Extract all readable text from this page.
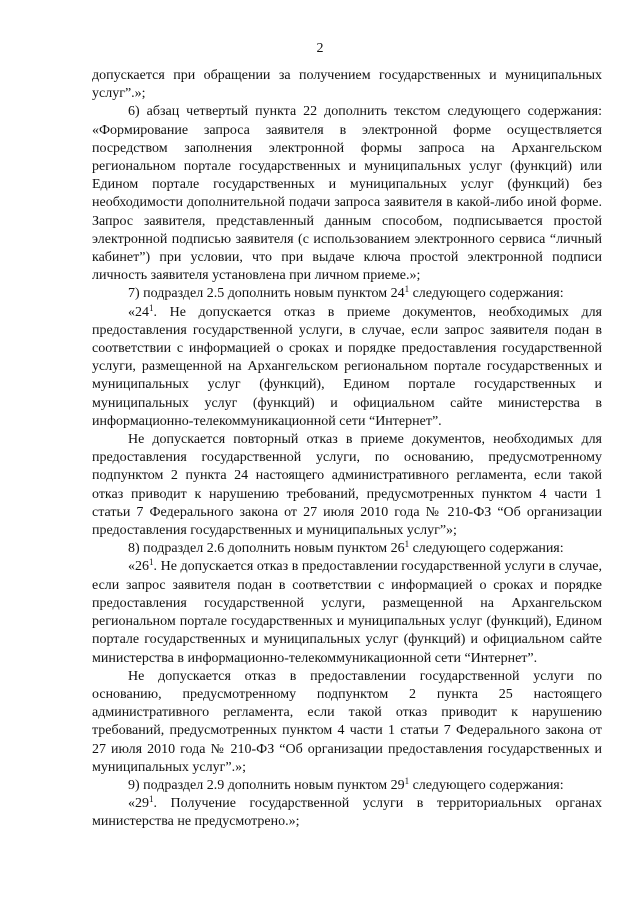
2

допускается при обращении за получением государственных и муниципальных услуг”.»;

6) абзац четвертый пункта 22 дополнить текстом следующего содержания: «Формирование запроса заявителя в электронной форме осуществляется посредством заполнения электронной формы запроса на Архангельском региональном портале государственных и муниципальных услуг (функций) или Едином портале государственных и муниципальных услуг (функций) без необходимости дополнительной подачи запроса заявителя в какой-либо иной форме. Запрос заявителя, представленный данным способом, подписывается простой электронной подписью заявителя (с использованием электронного сервиса “личный кабинет”) при условии, что при выдаче ключа простой электронной подписи личность заявителя установлена при личном приеме.»;

7) подраздел 2.5 дополнить новым пунктом $24^1$ следующего содержания:

«$24^1$. Не допускается отказ в приеме документов, необходимых для предоставления государственной услуги, в случае, если запрос заявителя подан в соответствии с информацией о сроках и порядке предоставления государственной услуги, размещенной на Архангельском региональном портале государственных и муниципальных услуг (функций), Едином портале государственных и муниципальных услуг (функций) и официальном сайте министерства в информационно-телекоммуникационной сети “Интернет”.

Не допускается повторный отказ в приеме документов, необходимых для предоставления государственной услуги, по основанию, предусмотренному подпунктом 2 пункта 24 настоящего административного регламента, если такой отказ приводит к нарушению требований, предусмотренных пунктом 4 части 1 статьи 7 Федерального закона от 27 июля 2010 года № 210-ФЗ “Об организации предоставления государственных и муниципальных услуг”»;

8) подраздел 2.6 дополнить новым пунктом $26^1$ следующего содержания:

«$26^1$. Не допускается отказ в предоставлении государственной услуги в случае, если запрос заявителя подан в соответствии с информацией о сроках и порядке предоставления государственной услуги, размещенной на Архангельском региональном портале государственных и муниципальных услуг (функций), Едином портале государственных и муниципальных услуг (функций) и официальном сайте министерства в информационно-телекоммуникационной сети “Интернет”.

Не допускается отказ в предоставлении государственной услуги по основанию, предусмотренному подпунктом 2 пункта 25 настоящего административного регламента, если такой отказ приводит к нарушению требований, предусмотренных пунктом 4 части 1 статьи 7 Федерального закона от 27 июля 2010 года № 210-ФЗ “Об организации предоставления государственных и муниципальных услуг”.»;

9) подраздел 2.9 дополнить новым пунктом $29^1$ следующего содержания:

«$29^1$. Получение государственной услуги в территориальных органах министерства не предусмотрено.»;
